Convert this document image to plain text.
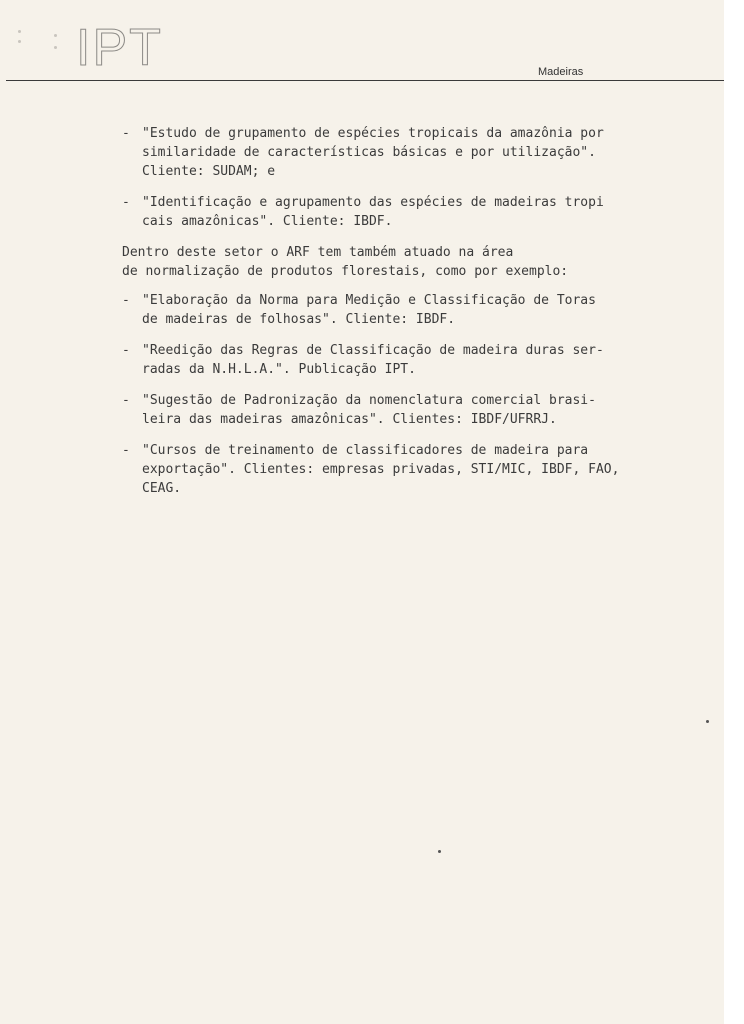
IPT	Madeiras
- "Estudo de grupamento de espécies tropicais da amazônia por
similaridade de características básicas e por utilização".
Cliente: SUDAM; e

- "Identificação e agrupamento das espécies de madeiras tropi
cais amazônicas". Cliente: IBDF.

Dentro deste setor o ARF tem também atuado na área
de normalização de produtos florestais, como por exemplo:
- "Elaboração da Norma para Medição e Classificação de Toras
de madeiras de folhosas". Cliente: IBDF.

- "Reedição das Regras de Classificação de madeira duras ser-
radas da N.H.L.A.". Publicação IPT.

- "Sugestão de Padronização da nomenclatura comercial brasi-
leira das madeiras amazônicas". Clientes: IBDF/UFRRJ.

- "Cursos de treinamento de classificadores de madeira para
exportação". Clientes: empresas privadas, STI/MIC, IBDF, FAO,
CEAG.
